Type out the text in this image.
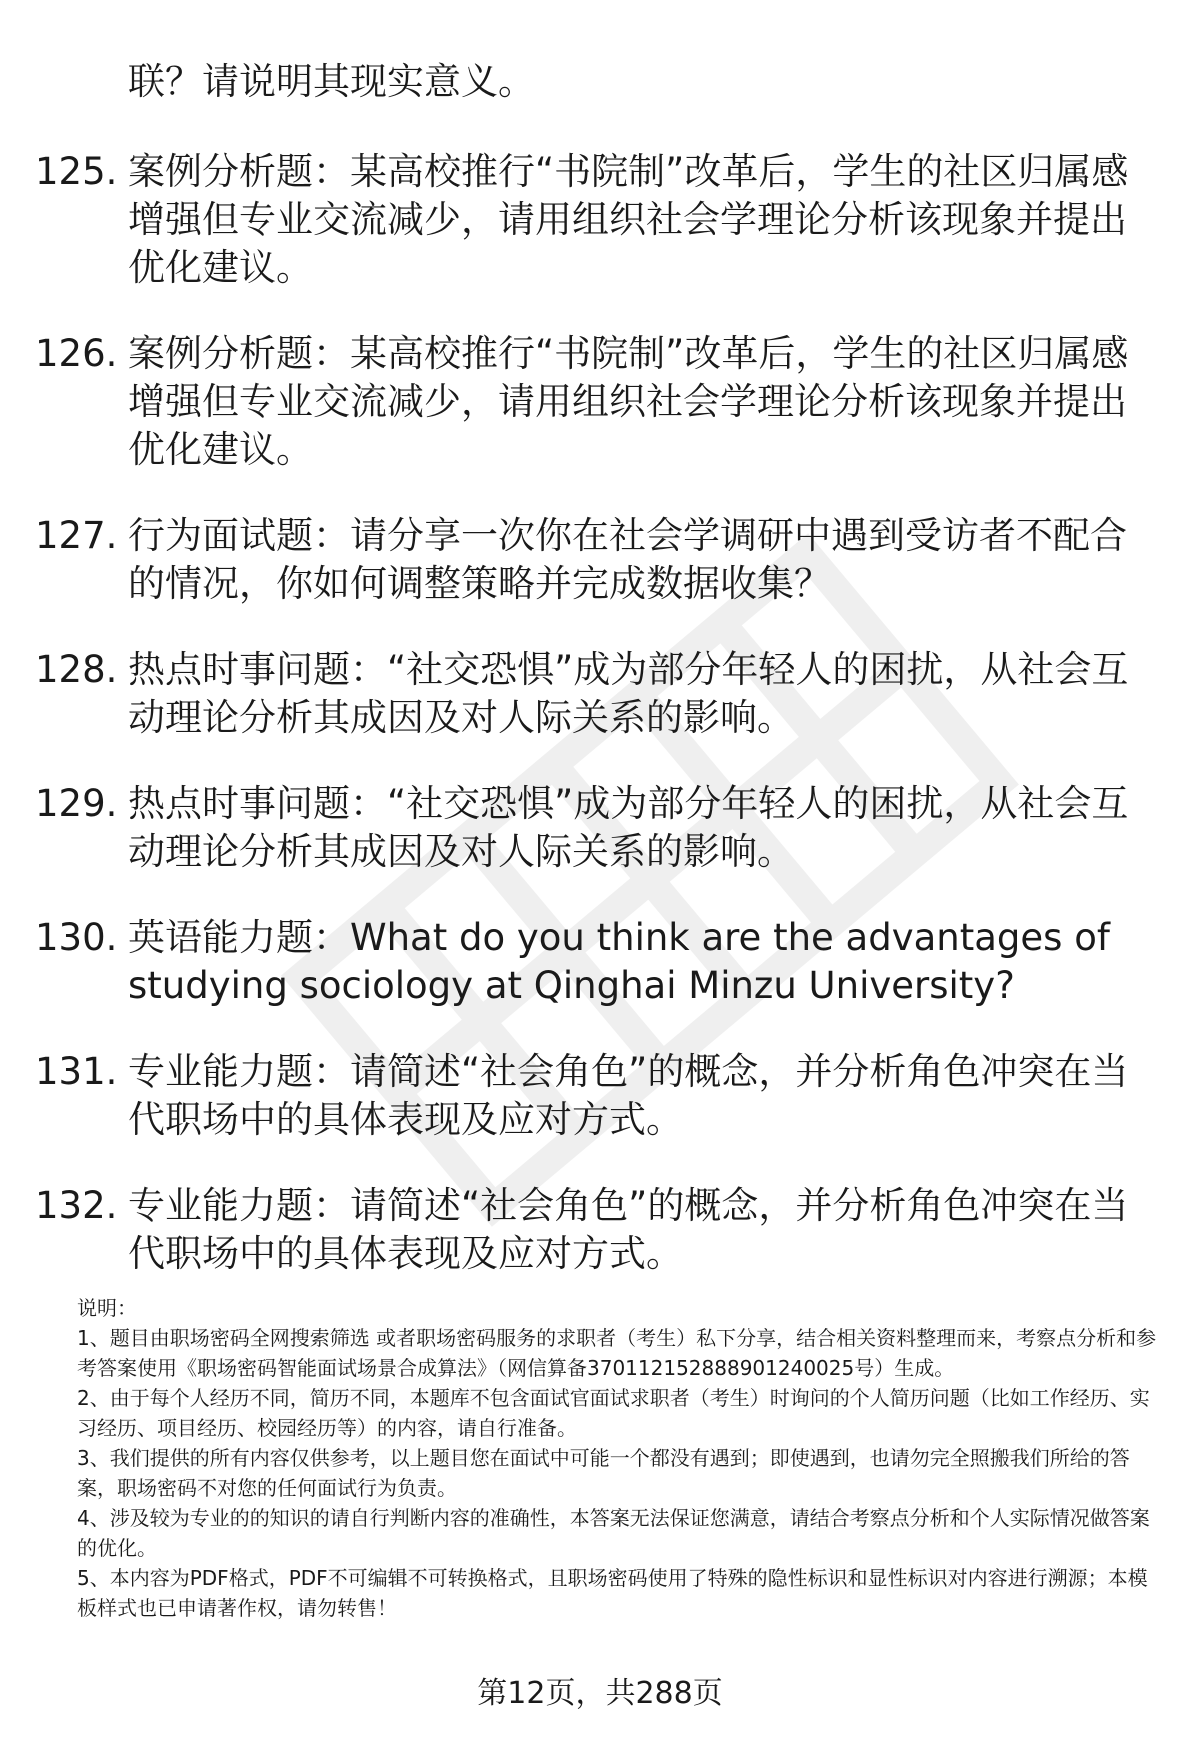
联？请说明其现实意义。
125. 案例分析题：某高校推行“书院制”改革后，学生的社区归属感增强但专业交流减少，请用组织社会学理论分析该现象并提出优化建议。
126. 案例分析题：某高校推行“书院制”改革后，学生的社区归属感增强但专业交流减少，请用组织社会学理论分析该现象并提出优化建议。
127. 行为面试题：请分享一次你在社会学调研中遇到受访者不配合的情况，你如何调整策略并完成数据收集？
128. 热点时事问题：“社交恐惧”成为部分年轻人的困扰，从社会互动理论分析其成因及对人际关系的影响。
129. 热点时事问题：“社交恐惧”成为部分年轻人的困扰，从社会互动理论分析其成因及对人际关系的影响。
130. 英语能力题：What do you think are the advantages of studying sociology at Qinghai Minzu University?
131. 专业能力题：请简述“社会角色”的概念，并分析角色冲突在当代职场中的具体表现及应对方式。
132. 专业能力题：请简述“社会角色”的概念，并分析角色冲突在当代职场中的具体表现及应对方式。
说明：

1、题目由职场密码全网搜索筛选 或者职场密码服务的求职者（考生）私下分享，结合相关资料整理而来，考察点分析和参考答案使用《职场密码智能面试场景合成算法》（网信算备370112152888901240025号）生成。

2、由于每个人经历不同，简历不同，本题库不包含面试官面试求职者（考生）时询问的个人简历问题（比如工作经历、实习经历、项目经历、校园经历等）的内容，请自行准备。

3、我们提供的所有内容仅供参考，以上题目您在面试中可能一个都没有遇到；即使遇到，也请勿完全照搬我们所给的答案，职场密码不对您的任何面试行为负责。

4、涉及较为专业的的知识的请自行判断内容的准确性，本答案无法保证您满意，请结合考察点分析和个人实际情况做答案的优化。

5、本内容为PDF格式，PDF不可编辑不可转换格式，且职场密码使用了特殊的隐性标识和显性标识对内容进行溯源；本模板样式也已申请著作权，请勿转售！

第12页，共288页
